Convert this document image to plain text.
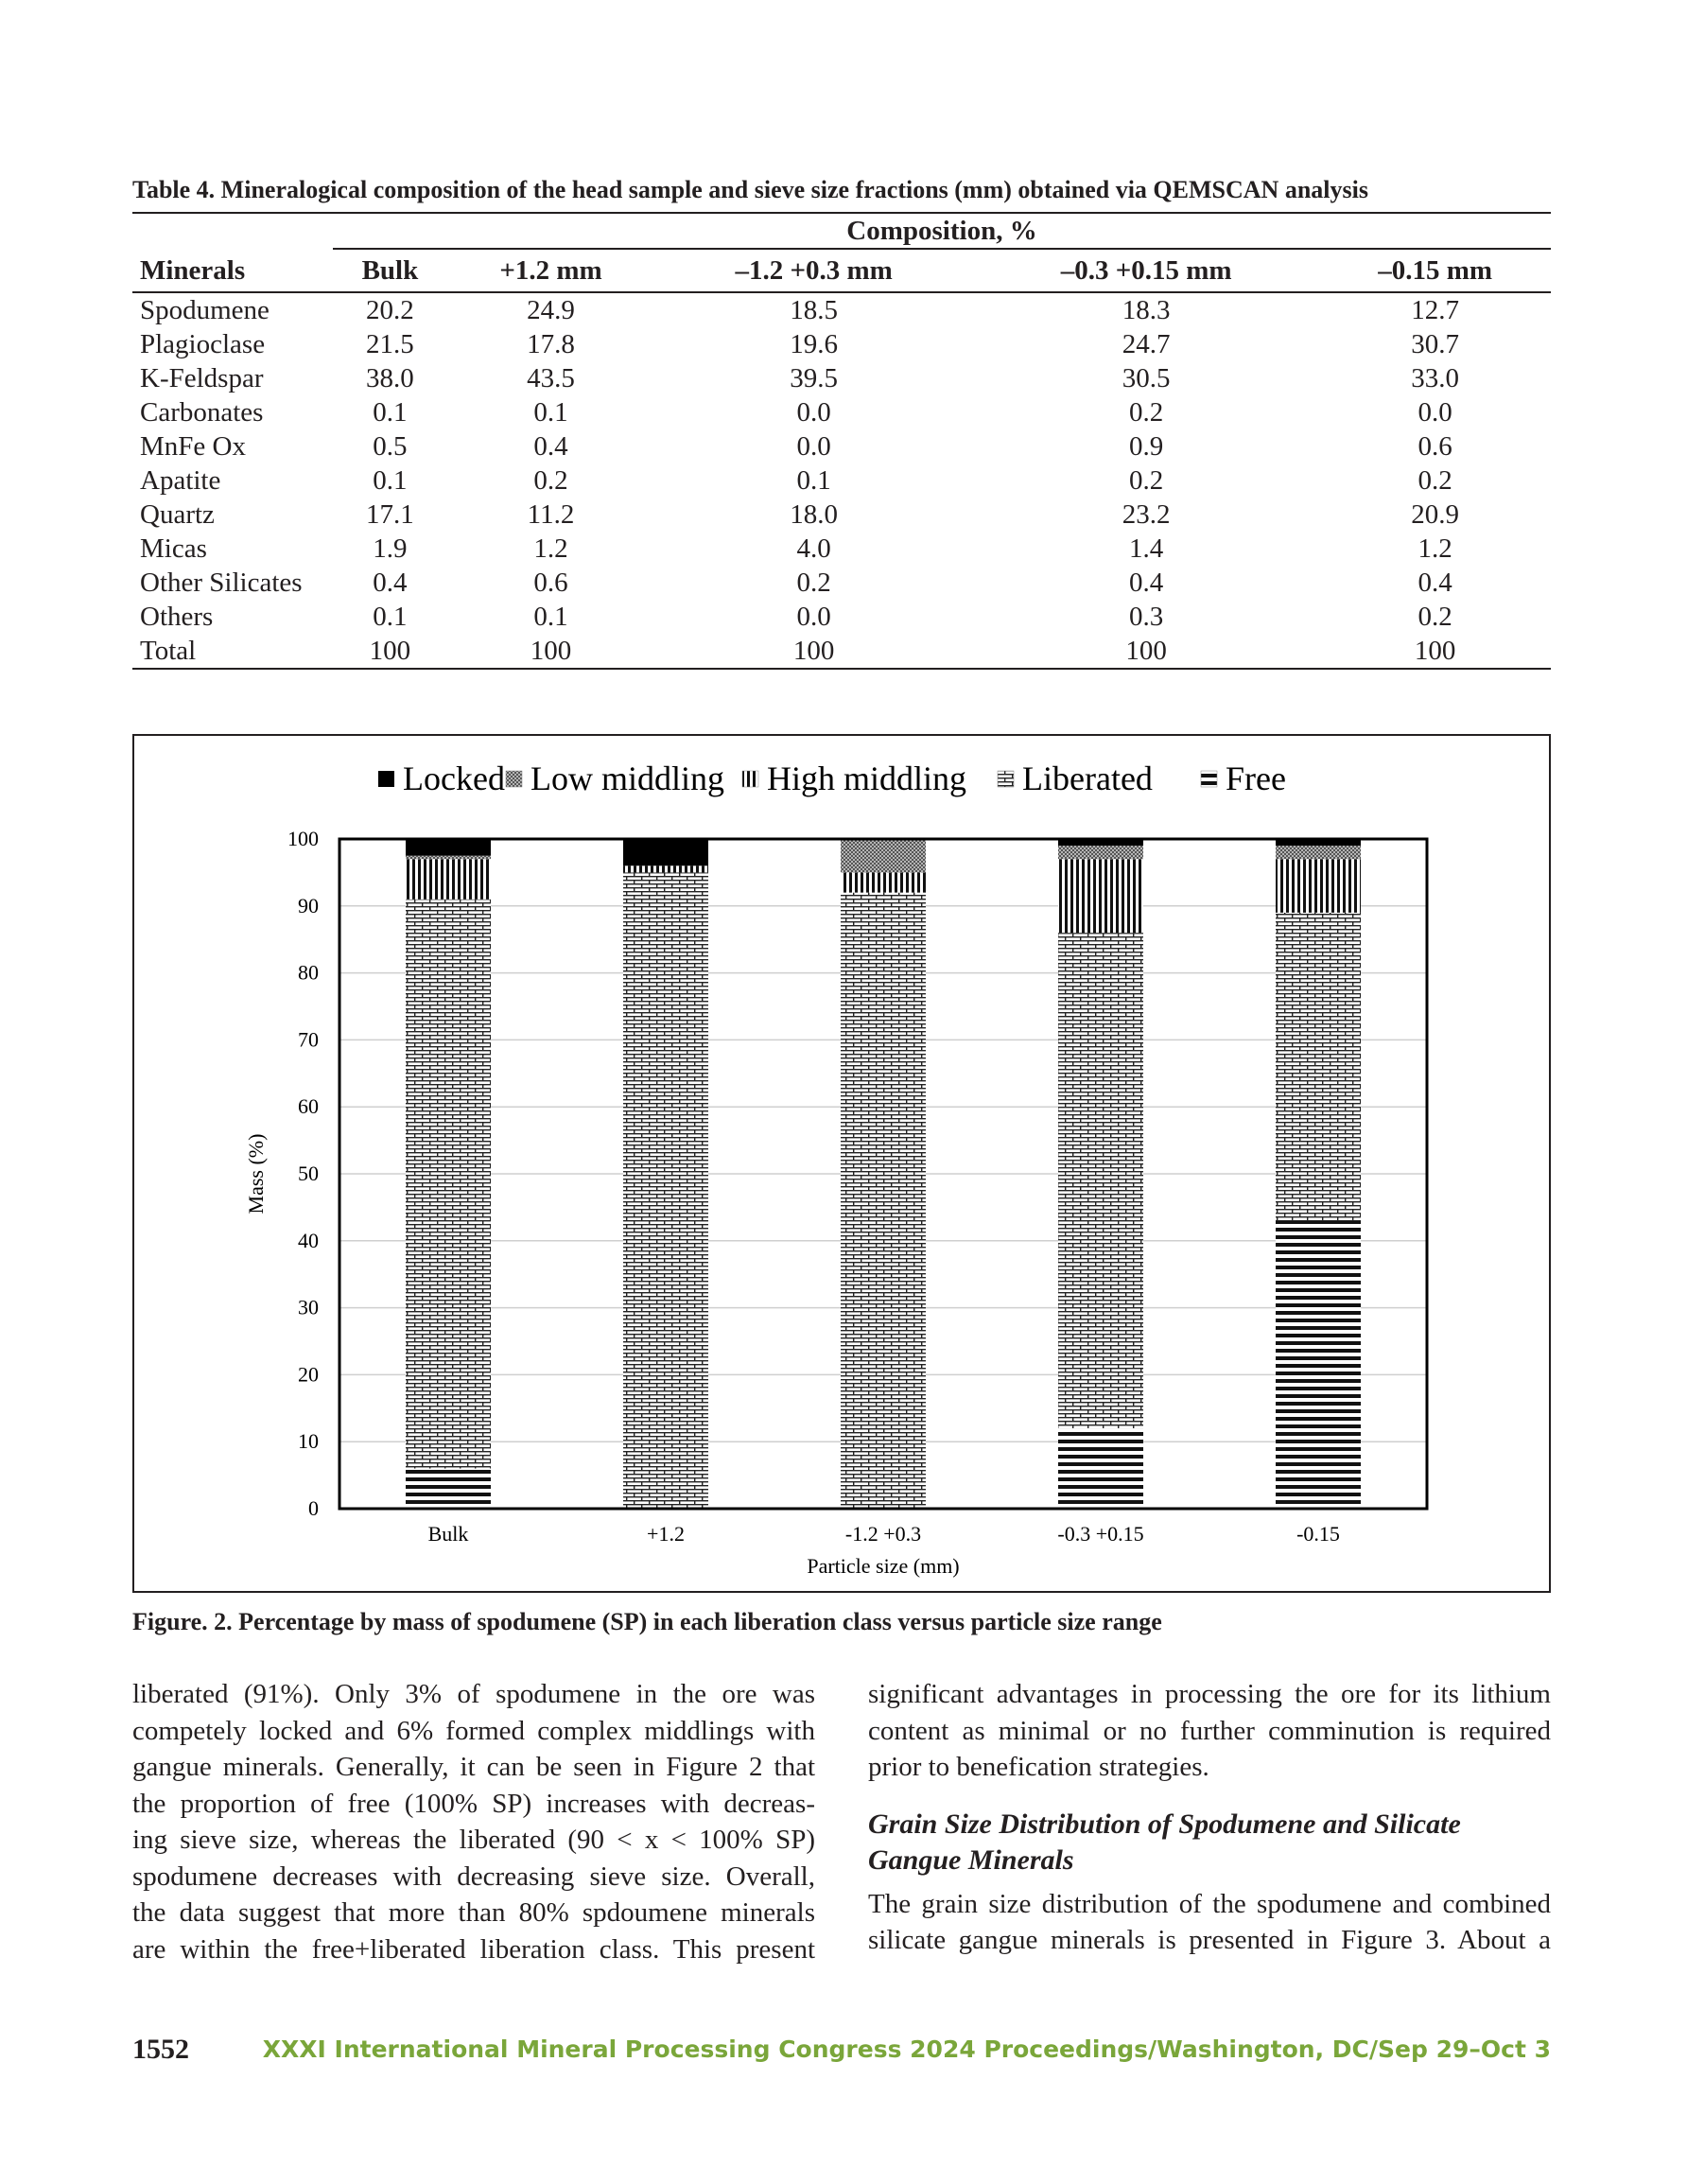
Table 4. Mineralogical composition of the head sample and sieve size fractions (mm) obtained via QEMSCAN analysis
	Composition, %				
Minerals	Bulk	+1.2 mm	–1.2 +0.3 mm	–0.3 +0.15 mm	–0.15 mm
Spodumene	20.2	24.9	18.5	18.3	12.7
Plagioclase	21.5	17.8	19.6	24.7	30.7
K-Feldspar	38.0	43.5	39.5	30.5	33.0
Carbonates	0.1	0.1	0.0	0.2	0.0
MnFe Ox	0.5	0.4	0.0	0.9	0.6
Apatite	0.1	0.2	0.1	0.2	0.2
Quartz	17.1	11.2	18.0	23.2	20.9
Micas	1.9	1.2	4.0	1.4	1.2
Other Silicates	0.4	0.6	0.2	0.4	0.4
Others	0.1	0.1	0.0	0.3	0.2
Total	100	100	100	100	100
0
10
20
30
40
50
60
70
80
90
100
Bulk	+1.2	-1.2 +0.3	-0.3 +0.15	-0.15
Locked Low middling High middling Liberated Free
Mass (%)
Particle size (mm)
Figure. 2. Percentage by mass of spodumene (SP) in each liberation class versus particle size range

liberated (91%). Only 3% of spodumene in the ore was

competely locked and 6% formed complex middlings with

gangue minerals. Generally, it can be seen in Figure 2 that

the proportion of free (100% SP) increases with decreas-

ing sieve size, whereas the liberated (90 < x < 100% SP)

spodumene decreases with decreasing sieve size. Overall,

the data suggest that more than 80% spdoumene minerals

are within the free+liberated liberation class. This present

significant advantages in processing the ore for its lithium

content as minimal or no further comminution is required

prior to benefication strategies.

Grain Size Distribution of Spodumene and Silicate Gangue Minerals

The grain size distribution of the spodumene and combined

silicate gangue minerals is presented in Figure 3. About a

1552	XXXI International Mineral Processing Congress 2024 Proceedings/Washington, DC/Sep 29–Oct 3
